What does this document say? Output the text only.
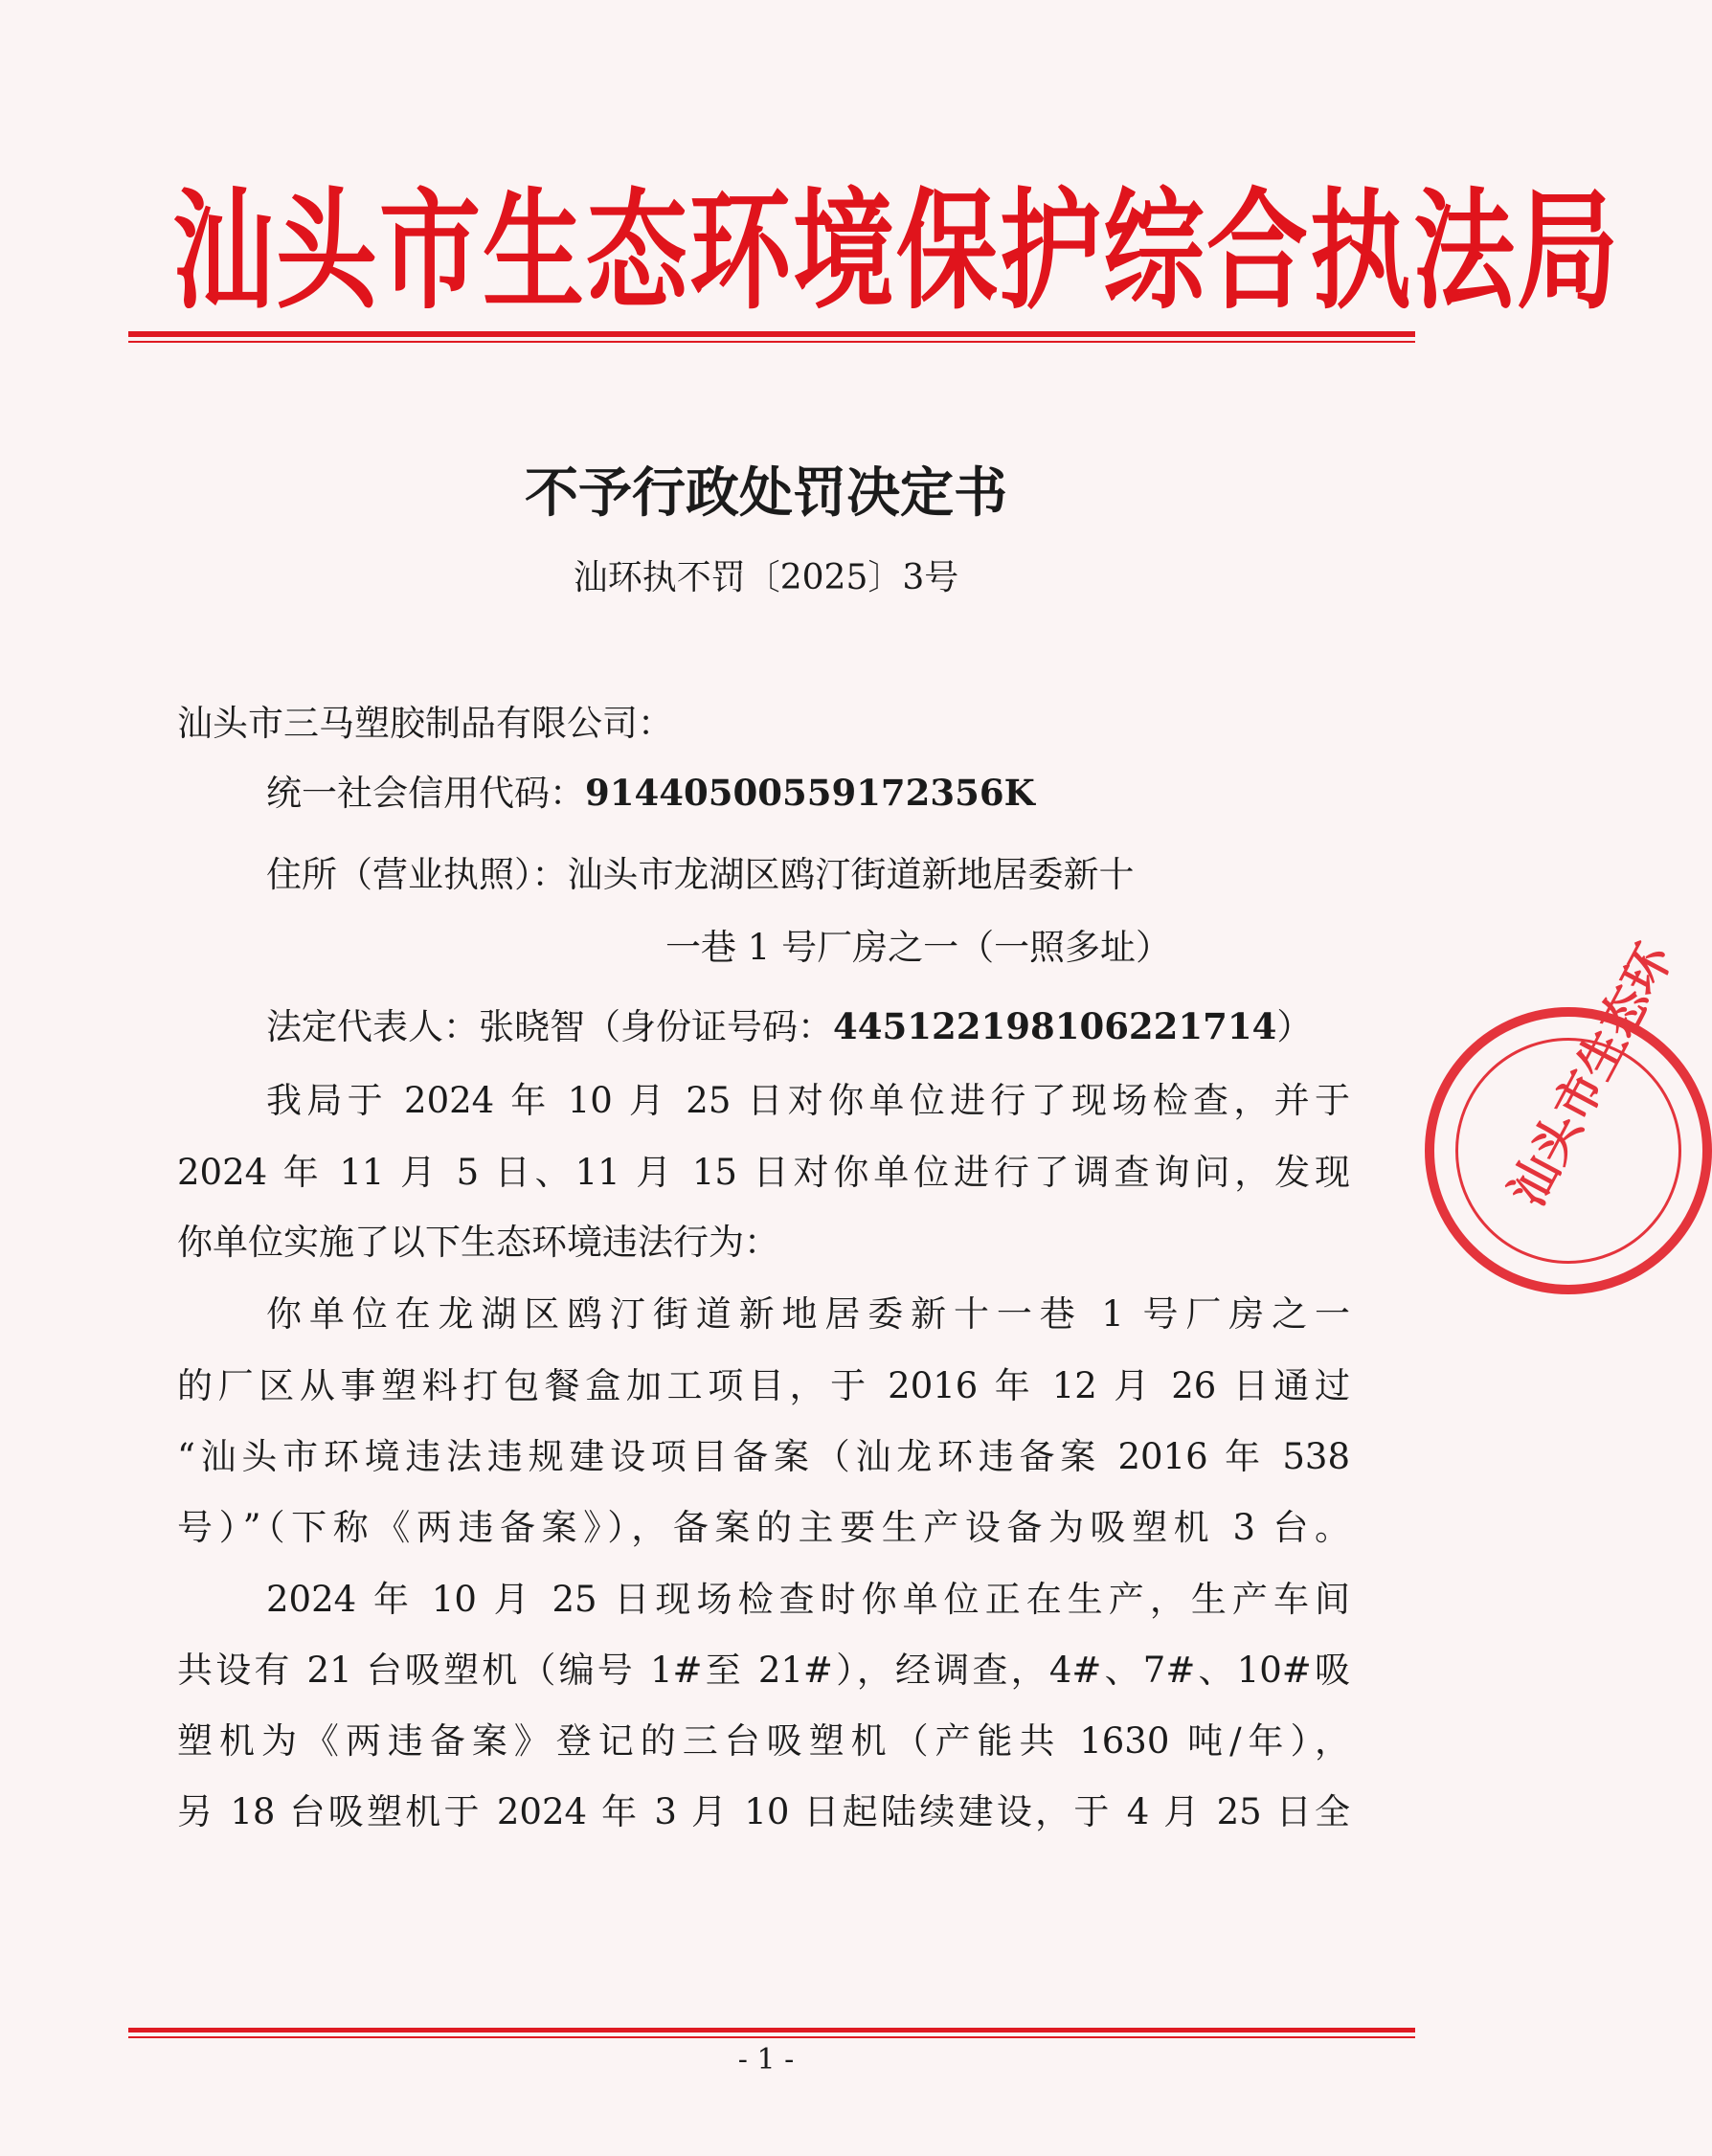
汕头市生态环境保护综合执法局
不予行政处罚决定书
汕环执不罚〔2025〕3号
汕头市三马塑胶制品有限公司：
统一社会信用代码：91440500559172356K
住所（营业执照）：汕头市龙湖区鸥汀街道新地居委新十
一巷 1 号厂房之一（一照多址）
法定代表人：张晓智（身份证号码：445122198106221714）
我局于 2024 年 10 月 25 日对你单位进行了现场检查，并于
2024 年 11 月 5 日、11 月 15 日对你单位进行了调查询问，发现
你单位实施了以下生态环境违法行为：
你单位在龙湖区鸥汀街道新地居委新十一巷 1 号厂房之一
的厂区从事塑料打包餐盒加工项目，于 2016 年 12 月 26 日通过
“汕头市环境违法违规建设项目备案（汕龙环违备案 2016 年 538
号）”（下称《两违备案》），备案的主要生产设备为吸塑机 3 台。
2024 年 10 月 25 日现场检查时你单位正在生产，生产车间
共设有 21 台吸塑机（编号 1#至 21#），经调查，4#、7#、10#吸
塑机为《两违备案》登记的三台吸塑机（产能共 1630 吨/年），
另 18 台吸塑机于 2024 年 3 月 10 日起陆续建设，于 4 月 25 日全
- 1 -
汕头市生态环
